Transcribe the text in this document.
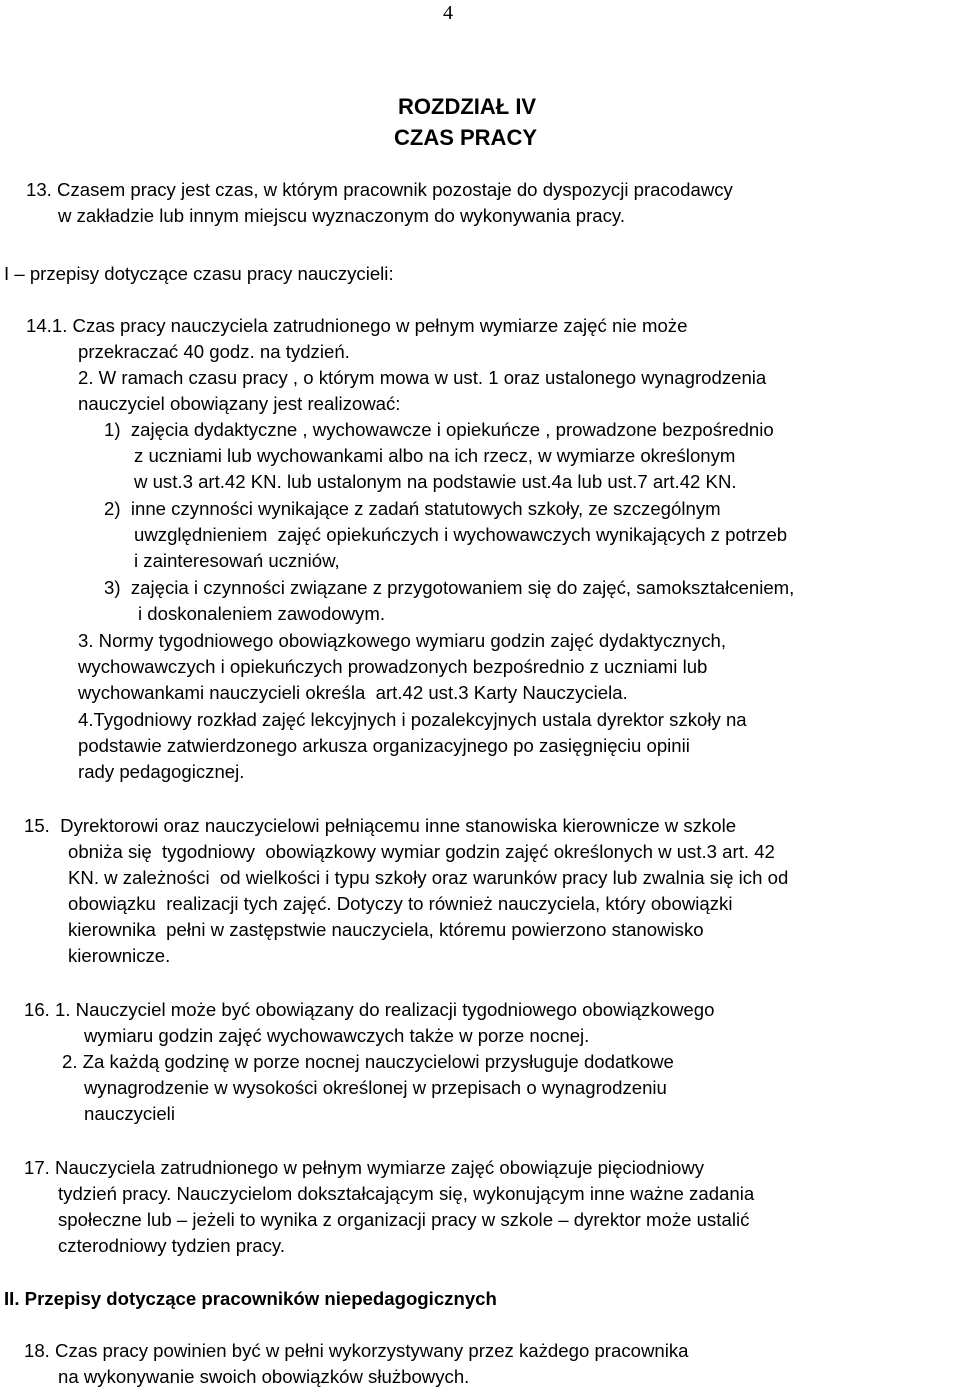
4
ROZDZIAŁ IV
CZAS PRACY
13. Czasem pracy jest czas, w którym pracownik pozostaje do dyspozycji pracodawcy
w zakładzie lub innym miejscu wyznaczonym do wykonywania pracy.
I – przepisy dotyczące czasu pracy nauczycieli:
14.1. Czas pracy nauczyciela zatrudnionego w pełnym wymiarze zajęć nie może
przekraczać 40 godz. na tydzień.
2. W ramach czasu pracy , o którym mowa w ust. 1 oraz ustalonego wynagrodzenia
nauczyciel obowiązany jest realizować:
1)  zajęcia dydaktyczne , wychowawcze i opiekuńcze , prowadzone bezpośrednio
z uczniami lub wychowankami albo na ich rzecz, w wymiarze określonym
w ust.3 art.42 KN. lub ustalonym na podstawie ust.4a lub ust.7 art.42 KN.
2)  inne czynności wynikające z zadań statutowych szkoły, ze szczególnym
uwzględnieniem  zajęć opiekuńczych i wychowawczych wynikających z potrzeb
i zainteresowań uczniów,
3)  zajęcia i czynności związane z przygotowaniem się do zajęć, samokształceniem,
i doskonaleniem zawodowym.
3. Normy tygodniowego obowiązkowego wymiaru godzin zajęć dydaktycznych,
wychowawczych i opiekuńczych prowadzonych bezpośrednio z uczniami lub
wychowankami nauczycieli określa  art.42 ust.3 Karty Nauczyciela.
4.Tygodniowy rozkład zajęć lekcyjnych i pozalekcyjnych ustala dyrektor szkoły na
podstawie zatwierdzonego arkusza organizacyjnego po zasięgnięciu opinii
rady pedagogicznej.
15.  Dyrektorowi oraz nauczycielowi pełniącemu inne stanowiska kierownicze w szkole
obniża się  tygodniowy  obowiązkowy wymiar godzin zajęć określonych w ust.3 art. 42
KN. w zależności  od wielkości i typu szkoły oraz warunków pracy lub zwalnia się ich od
obowiązku  realizacji tych zajęć. Dotyczy to również nauczyciela, który obowiązki
kierownika  pełni w zastępstwie nauczyciela, któremu powierzono stanowisko
kierownicze.
16. 1. Nauczyciel może być obowiązany do realizacji tygodniowego obowiązkowego
wymiaru godzin zajęć wychowawczych także w porze nocnej.
2. Za każdą godzinę w porze nocnej nauczycielowi przysługuje dodatkowe
wynagrodzenie w wysokości określonej w przepisach o wynagrodzeniu
nauczycieli
17. Nauczyciela zatrudnionego w pełnym wymiarze zajęć obowiązuje pięciodniowy
tydzień pracy. Nauczycielom dokształcającym się, wykonującym inne ważne zadania
społeczne lub – jeżeli to wynika z organizacji pracy w szkole – dyrektor może ustalić
czterodniowy tydzien pracy.
II. Przepisy dotyczące pracowników niepedagogicznych
18. Czas pracy powinien być w pełni wykorzystywany przez każdego pracownika
na wykonywanie swoich obowiązków służbowych.
